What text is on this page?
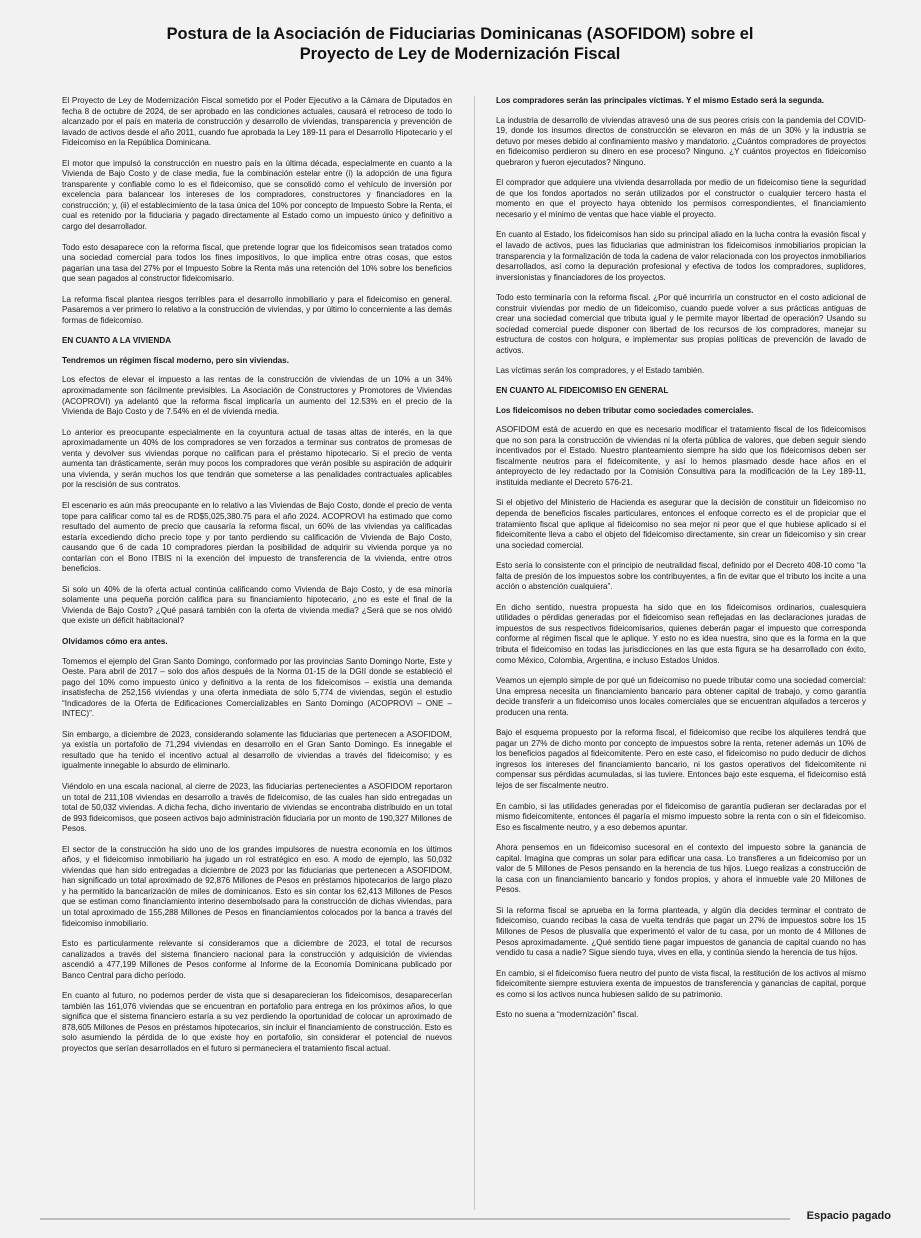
Postura de la Asociación de Fiduciarias Dominicanas (ASOFIDOM) sobre el
Proyecto de Ley de Modernización Fiscal

El Proyecto de Ley de Modernización Fiscal sometido por el Poder Ejecutivo a la Cámara de Diputados en fecha 8 de octubre de 2024, de ser aprobado en las condiciones actuales, causará el retroceso de todo lo alcanzado por el país en materia de construcción y desarrollo de viviendas, transparencia y prevención de lavado de activos desde el año 2011, cuando fue aprobada la Ley 189-11 para el Desarrollo Hipotecario y el Fideicomiso en la República Dominicana.

El motor que impulsó la construcción en nuestro país en la última década, especialmente en cuanto a la Vivienda de Bajo Costo y de clase media, fue la combinación estelar entre (i) la adopción de una figura transparente y confiable como lo es el fideicomiso, que se consolidó como el vehículo de inversión por excelencia para balancear los intereses de los compradores, constructores y financiadores en la construcción; y, (ii) el establecimiento de la tasa única del 10% por concepto de Impuesto Sobre la Renta, el cual es retenido por la fiduciaria y pagado directamente al Estado como un impuesto único y definitivo a cargo del desarrollador.

Todo esto desaparece con la reforma fiscal, que pretende lograr que los fideicomisos sean tratados como una sociedad comercial para todos los fines impositivos, lo que implica entre otras cosas, que estos pagarían una tasa del 27% por el Impuesto Sobre la Renta más una retención del 10% sobre los beneficios que sean pagados al constructor fideicomisario.

La reforma fiscal plantea riesgos terribles para el desarrollo inmobiliario y para el fideicomiso en general. Pasaremos a ver primero lo relativo a la construcción de viviendas, y por último lo concerniente a las demás formas de fideicomiso.

EN CUANTO A LA VIVIENDA

Tendremos un régimen fiscal moderno, pero sin viviendas.

Los efectos de elevar el impuesto a las rentas de la construcción de viviendas de un 10% a un 34% aproximadamente son fácilmente previsibles. La Asociación de Constructores y Promotores de Viviendas (ACOPROVI) ya adelantó que la reforma fiscal implicaría un aumento del 12.53% en el precio de la Vivienda de Bajo Costo y de 7.54% en el de vivienda media.

Lo anterior es preocupante especialmente en la coyuntura actual de tasas altas de interés, en la que aproximadamente un 40% de los compradores se ven forzados a terminar sus contratos de promesas de venta y devolver sus viviendas porque no califican para el préstamo hipotecario. Si el precio de venta aumenta tan drásticamente, serán muy pocos los compradores que verán posible su aspiración de adquirir una vivienda, y serán muchos los que tendrán que someterse a las penalidades contractuales aplicables por la rescisión de sus contratos.

El escenario es aún más preocupante en lo relativo a las Viviendas de Bajo Costo, donde el precio de venta tope para calificar como tal es de RD$5,025,380.75 para el año 2024. ACOPROVI ha estimado que como resultado del aumento de precio que causaría la reforma fiscal, un 60% de las viviendas ya calificadas estaría excediendo dicho precio tope y por tanto perdiendo su calificación de Vivienda de Bajo Costo, causando que 6 de cada 10 compradores pierdan la posibilidad de adquirir su vivienda porque ya no contarían con el Bono ITBIS ni la exención del impuesto de transferencia de la vivienda, entre otros beneficios.

Si solo un 40% de la oferta actual continúa calificando como Vivienda de Bajo Costo, y de esa minoría solamente una pequeña porción califica para su financiamiento hipotecario, ¿no es este el final de la Vivienda de Bajo Costo? ¿Qué pasará también con la oferta de vivienda media? ¿Será que se nos olvidó que existe un déficit habitacional?

Olvidamos cómo era antes.

Tomemos el ejemplo del Gran Santo Domingo, conformado por las provincias Santo Domingo Norte, Este y Oeste. Para abril de 2017 – solo dos años después de la Norma 01-15 de la DGII donde se estableció el pago del 10% como impuesto único y definitivo a la renta de los fideicomisos – existía una demanda insatisfecha de 252,156 viviendas y una oferta inmediata de sólo 5,774 de viviendas, según el estudio “Indicadores de la Oferta de Edificaciones Comercializables en Santo Domingo (ACOPROVI – ONE – INTEC)”.

Sin embargo, a diciembre de 2023, considerando solamente las fiduciarias que pertenecen a ASOFIDOM, ya existía un portafolio de 71,294 viviendas en desarrollo en el Gran Santo Domingo. Es innegable el resultado que ha tenido el incentivo actual al desarrollo de viviendas a través del fideicomiso; y es igualmente innegable lo absurdo de eliminarlo.

Viéndolo en una escala nacional, al cierre de 2023, las fiduciarias pertenecientes a ASOFIDOM reportaron un total de 211,108 viviendas en desarrollo a través de fideicomiso, de las cuales han sido entregadas un total de 50,032 viviendas. A dicha fecha, dicho inventario de viviendas se encontraba distribuido en un total de 993 fideicomisos, que poseen activos bajo administración fiduciaria por un monto de 190,327 Millones de Pesos.

El sector de la construcción ha sido uno de los grandes impulsores de nuestra economía en los últimos años, y el fideicomiso inmobiliario ha jugado un rol estratégico en eso. A modo de ejemplo, las 50,032 viviendas que han sido entregadas a diciembre de 2023 por las fiduciarias que pertenecen a ASOFIDOM, han significado un total aproximado de 92,876 Millones de Pesos en préstamos hipotecarios de largo plazo y ha permitido la bancarización de miles de dominicanos. Esto es sin contar los 62,413 Millones de Pesos que se estiman como financiamiento interino desembolsado para la construcción de dichas viviendas, para un total aproximado de 155,288 Millones de Pesos en financiamientos colocados por la banca a través del fideicomiso inmobiliario.

Esto es particularmente relevante si consideramos que a diciembre de 2023, el total de recursos canalizados a través del sistema financiero nacional para la construcción y adquisición de viviendas ascendió a 477,199 Millones de Pesos conforme al Informe de la Economía Dominicana publicado por Banco Central para dicho período.

En cuanto al futuro, no podemos perder de vista que si desaparecieran los fideicomisos, desaparecerían también las 161,076 viviendas que se encuentran en portafolio para entrega en los próximos años, lo que significa que el sistema financiero estaría a su vez perdiendo la oportunidad de colocar un aproximado de 878,605 Millones de Pesos en préstamos hipotecarios, sin incluir el financiamiento de construcción. Esto es solo asumiendo la pérdida de lo que existe hoy en portafolio, sin considerar el potencial de nuevos proyectos que serían desarrollados en el futuro si permaneciera el tratamiento fiscal actual.

Los compradores serán las principales víctimas. Y el mismo Estado será la segunda.

La industria de desarrollo de viviendas atravesó una de sus peores crisis con la pandemia del COVID-19, donde los insumos directos de construcción se elevaron en más de un 30% y la industria se detuvo por meses debido al confinamiento masivo y mandatorio. ¿Cuántos compradores de proyectos en fideicomiso perdieron su dinero en ese proceso? Ninguno. ¿Y cuántos proyectos en fideicomiso quebraron y fueron ejecutados? Ninguno.

El comprador que adquiere una vivienda desarrollada por medio de un fideicomiso tiene la seguridad de que los fondos aportados no serán utilizados por el constructor o cualquier tercero hasta el momento en que el proyecto haya obtenido los permisos correspondientes, el financiamiento necesario y el mínimo de ventas que hace viable el proyecto.

En cuanto al Estado, los fideicomisos han sido su principal aliado en la lucha contra la evasión fiscal y el lavado de activos, pues las fiduciarias que administran los fideicomisos inmobiliarios propician la transparencia y la formalización de toda la cadena de valor relacionada con los proyectos inmobiliarios desarrollados, así como la depuración profesional y efectiva de todos los compradores, suplidores, inversionistas y financiadores de los proyectos.

Todo esto terminaría con la reforma fiscal. ¿Por qué incurriría un constructor en el costo adicional de construir viviendas por medio de un fideicomiso, cuando puede volver a sus prácticas antiguas de crear una sociedad comercial que tributa igual y le permite mayor libertad de operación? Usando su sociedad comercial puede disponer con libertad de los recursos de los compradores, manejar su estructura de costos con holgura, e implementar sus propias políticas de prevención de lavado de activos.

Las víctimas serán los compradores, y el Estado también.

EN CUANTO AL FIDEICOMISO EN GENERAL

Los fideicomisos no deben tributar como sociedades comerciales.

ASOFIDOM está de acuerdo en que es necesario modificar el tratamiento fiscal de los fideicomisos que no son para la construcción de viviendas ni la oferta pública de valores, que deben seguir siendo incentivados por el Estado. Nuestro planteamiento siempre ha sido que los fideicomisos deben ser fiscalmente neutros para el fideicomitente, y así lo hemos plasmado desde hace años en el anteproyecto de ley redactado por la Comisión Consultiva para la modificación de la Ley 189-11, instituida mediante el Decreto 576-21.

Si el objetivo del Ministerio de Hacienda es asegurar que la decisión de constituir un fideicomiso no dependa de beneficios fiscales particulares, entonces el enfoque correcto es el de propiciar que el tratamiento fiscal que aplique al fideicomiso no sea mejor ni peor que el que hubiese aplicado si el fideicomitente lleva a cabo el objeto del fideicomiso directamente, sin crear un fideicomiso y sin crear una sociedad comercial.

Esto sería lo consistente con el principio de neutralidad fiscal, definido por el Decreto 408-10 como “la falta de presión de los impuestos sobre los contribuyentes, a fin de evitar que el tributo los incite a una acción o abstención cualquiera”.

En dicho sentido, nuestra propuesta ha sido que en los fideicomisos ordinarios, cualesquiera utilidades o pérdidas generadas por el fideicomiso sean reflejadas en las declaraciones juradas de impuestos de sus respectivos fideicomisarios, quienes deberán pagar el impuesto que corresponda conforme al régimen fiscal que le aplique. Y esto no es idea nuestra, sino que es la forma en la que tributa el fideicomiso en todas las jurisdicciones en las que esta figura se ha desarrollado con éxito, como México, Colombia, Argentina, e incluso Estados Unidos.

Veamos un ejemplo simple de por qué un fideicomiso no puede tributar como una sociedad comercial: Una empresa necesita un financiamiento bancario para obtener capital de trabajo, y como garantía decide transferir a un fideicomiso unos locales comerciales que se encuentran alquilados a terceros y producen una renta.

Bajo el esquema propuesto por la reforma fiscal, el fideicomiso que recibe los alquileres tendrá que pagar un 27% de dicho monto por concepto de impuestos sobre la renta, retener además un 10% de los beneficios pagados al fideicomitente. Pero en este caso, el fideicomiso no pudo deducir de dichos ingresos los intereses del financiamiento bancario, ni los gastos operativos del fideicomitente ni compensar sus pérdidas acumuladas, si las tuviere. Entonces bajo este esquema, el fideicomiso está lejos de ser fiscalmente neutro.

En cambio, si las utilidades generadas por el fideicomiso de garantía pudieran ser declaradas por el mismo fideicomitente, entonces él pagaría el mismo impuesto sobre la renta con o sin el fideicomiso. Eso es fiscalmente neutro, y a eso debemos apuntar.

Ahora pensemos en un fideicomiso sucesoral en el contexto del impuesto sobre la ganancia de capital. Imagina que compras un solar para edificar una casa. Lo transfieres a un fideicomiso por un valor de 5 Millones de Pesos pensando en la herencia de tus hijos. Luego realizas a construcción de la casa con un financiamiento bancario y fondos propios, y ahora el inmueble vale 20 Millones de Pesos.

Si la reforma fiscal se aprueba en la forma planteada, y algún día decides terminar el contrato de fideicomiso, cuando recibas la casa de vuelta tendrás que pagar un 27% de impuestos sobre los 15 Millones de Pesos de plusvalía que experimentó el valor de tu casa, por un monto de 4 Millones de Pesos aproximadamente. ¿Qué sentido tiene pagar impuestos de ganancia de capital cuando no has vendido tu casa a nadie? Sigue siendo tuya, vives en ella, y continúa siendo la herencia de tus hijos.

En cambio, si el fideicomiso fuera neutro del punto de vista fiscal, la restitución de los activos al mismo fideicomitente siempre estuviera exenta de impuestos de transferencia y ganancias de capital, porque es como si los activos nunca hubiesen salido de su patrimonio.

Esto no suena a “modernización” fiscal.

Espacio pagado
